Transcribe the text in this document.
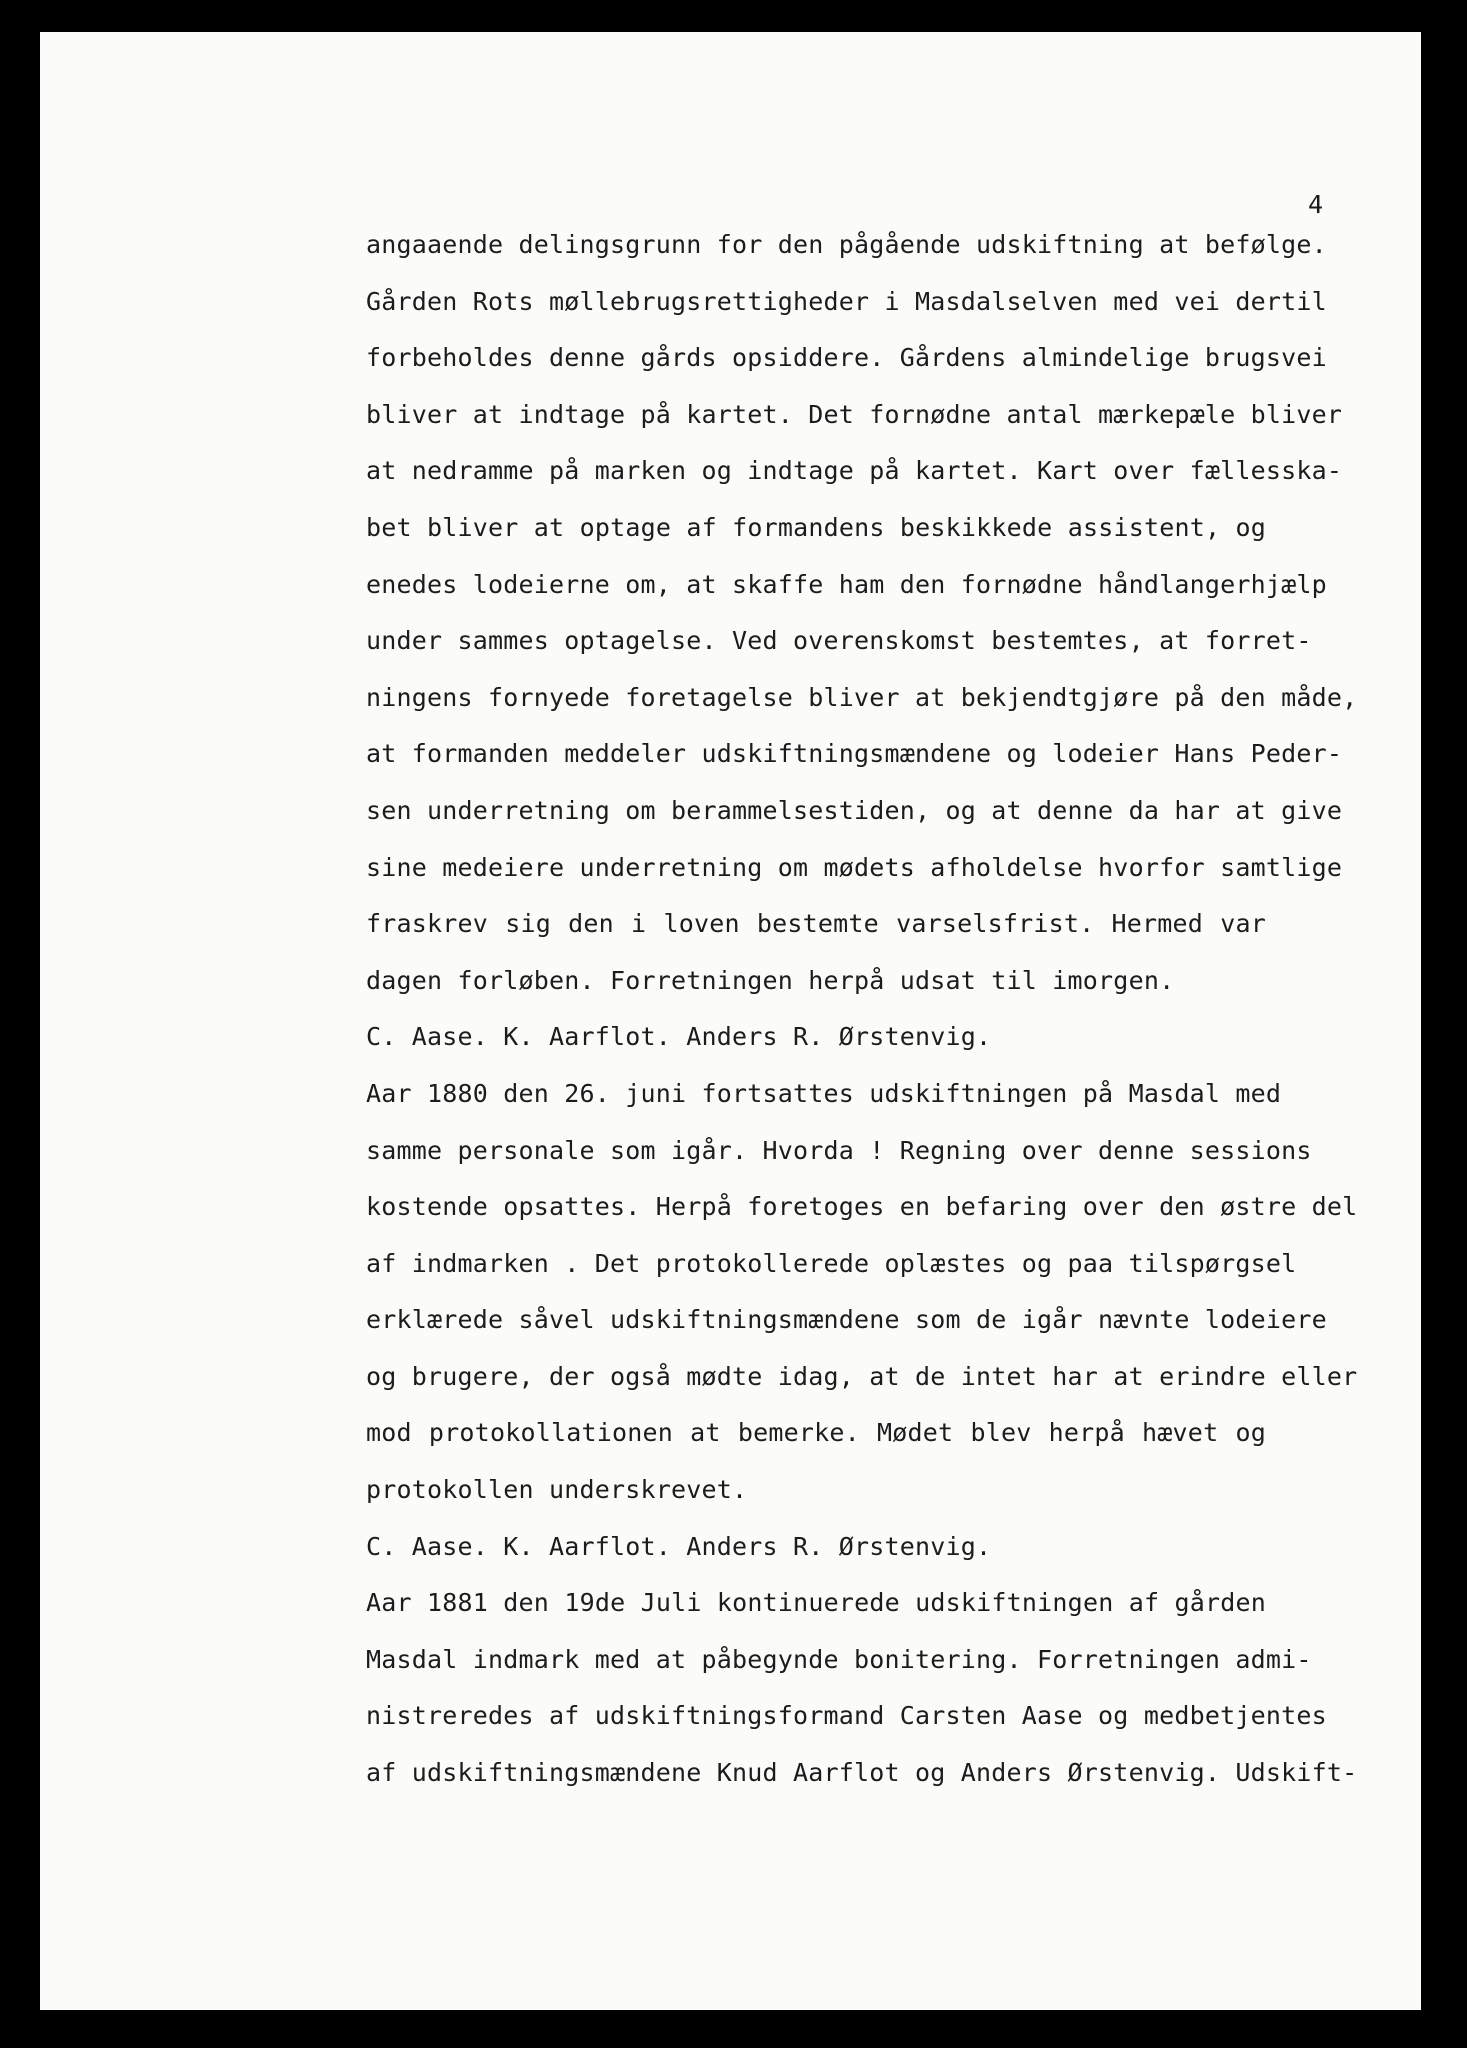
4
angaaende delingsgrunn for den pågående udskiftning at befølge.
Gården Rots møllebrugsrettigheder i Masdalselven med vei dertil
forbeholdes denne gårds opsiddere. Gårdens almindelige brugsvei
bliver at indtage på kartet. Det fornødne antal mærkepæle bliver
at nedramme på marken og indtage på kartet. Kart over fællesska-
bet bliver at optage af formandens beskikkede assistent, og
enedes lodeierne om, at skaffe ham den fornødne håndlangerhjælp
under sammes optagelse. Ved overenskomst bestemtes, at forret-
ningens fornyede foretagelse bliver at bekjendtgjøre på den måde,
at formanden meddeler udskiftningsmændene og lodeier Hans Peder-
sen underretning om berammelsestiden, og at denne da har at give
sine medeiere underretning om mødets afholdelse hvorfor samtlige
fraskrev sig den i loven bestemte varselsfrist. Hermed var
dagen forløben. Forretningen herpå udsat til imorgen.
C. Aase. K. Aarflot. Anders R. Ørstenvig.
Aar 1880 den 26. juni fortsattes udskiftningen på Masdal med
samme personale som igår. Hvorda ! Regning over denne sessions
kostende opsattes. Herpå foretoges en befaring over den østre del
af indmarken . Det protokollerede oplæstes og paa tilspørgsel
erklærede såvel udskiftningsmændene som de igår nævnte lodeiere
og brugere, der også mødte idag, at de intet har at erindre eller
mod protokollationen at bemerke. Mødet blev herpå hævet og
protokollen underskrevet.
C. Aase. K. Aarflot. Anders R. Ørstenvig.
Aar 1881 den 19de Juli kontinuerede udskiftningen af gården
Masdal indmark med at påbegynde bonitering. Forretningen admi-
nistreredes af udskiftningsformand Carsten Aase og medbetjentes
af udskiftningsmændene Knud Aarflot og Anders Ørstenvig. Udskift-
